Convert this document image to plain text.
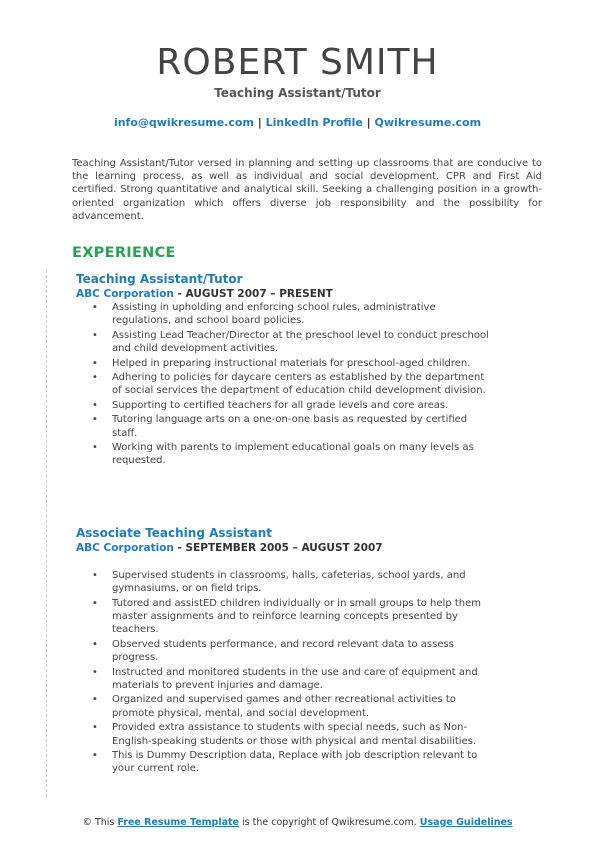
ROBERT SMITH
Teaching Assistant/Tutor
info@qwikresume.com | LinkedIn Profile | Qwikresume.com
Teaching Assistant/Tutor versed in planning and setting up classrooms that are conducive to the learning process, as well as individual and social development. CPR and First Aid certified. Strong quantitative and analytical skill. Seeking a challenging position in a growth-oriented organization which offers diverse job responsibility and the possibility for advancement.
EXPERIENCE
Teaching Assistant/Tutor
ABC Corporation - AUGUST 2007 – PRESENT
• Assisting in upholding and enforcing school rules, administrative regulations, and school board policies.
• Assisting Lead Teacher/Director at the preschool level to conduct preschool and child development activities.
• Helped in preparing instructional materials for preschool-aged children.
• Adhering to policies for daycare centers as established by the department of social services the department of education child development division.
• Supporting to certified teachers for all grade levels and core areas.
• Tutoring language arts on a one-on-one basis as requested by certified staff.
• Working with parents to implement educational goals on many levels as requested.
Associate Teaching Assistant
ABC Corporation - SEPTEMBER 2005 – AUGUST 2007
• Supervised students in classrooms, halls, cafeterias, school yards, and gymnasiums, or on field trips.
• Tutored and assistED children individually or in small groups to help them master assignments and to reinforce learning concepts presented by teachers.
• Observed students performance, and record relevant data to assess progress.
• Instructed and monitored students in the use and care of equipment and materials to prevent injuries and damage.
• Organized and supervised games and other recreational activities to promote physical, mental, and social development.
• Provided extra assistance to students with special needs, such as Non-English-speaking students or those with physical and mental disabilities.
• This is Dummy Description data, Replace with job description relevant to your current role.
© This Free Resume Template is the copyright of Qwikresume.com. Usage Guidelines
